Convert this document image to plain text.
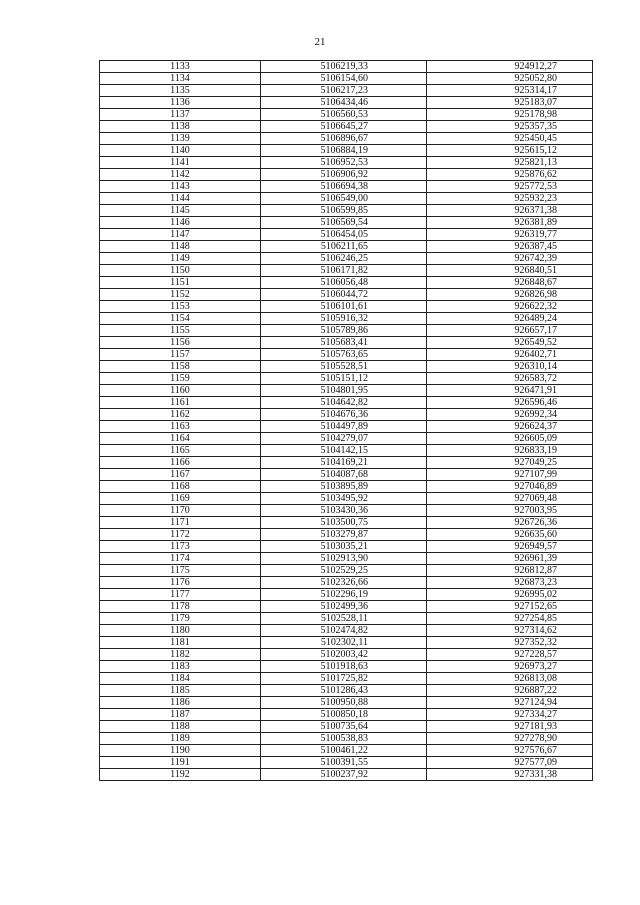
21
1133	5106219,33	924912,27
1134	5106154,60	925052,80
1135	5106217,23	925314,17
1136	5106434,46	925183,07
1137	5106560,53	925178,98
1138	5106645,27	925357,35
1139	5106896,67	925450,45
1140	5106884,19	925615,12
1141	5106952,53	925821,13
1142	5106906,92	925876,62
1143	5106694,38	925772,53
1144	5106549,00	925932,23
1145	5106599,85	926371,38
1146	5106569,54	926381,89
1147	5106454,05	926319,77
1148	5106211,65	926387,45
1149	5106246,25	926742,39
1150	5106171,82	926840,51
1151	5106056,48	926848,67
1152	5106044,72	926826,98
1153	5106101,61	926622,32
1154	5105916,32	926489,24
1155	5105789,86	926657,17
1156	5105683,41	926549,52
1157	5105763,65	926402,71
1158	5105528,51	926310,14
1159	5105151,12	926583,72
1160	5104801,95	926471,91
1161	5104642,82	926596,46
1162	5104676,36	926992,34
1163	5104497,89	926624,37
1164	5104279,07	926605,09
1165	5104142,15	926833,19
1166	5104169,21	927049,25
1167	5104087,68	927107,99
1168	5103895,89	927046,89
1169	5103495,92	927069,48
1170	5103430,36	927003,95
1171	5103500,75	926726,36
1172	5103279,87	926635,60
1173	5103035,21	926949,57
1174	5102913,90	926961,39
1175	5102529,25	926812,87
1176	5102326,66	926873,23
1177	5102296,19	926995,02
1178	5102499,36	927152,65
1179	5102528,11	927254,85
1180	5102474,82	927314,62
1181	5102302,11	927352,32
1182	5102003,42	927228,57
1183	5101918,63	926973,27
1184	5101725,82	926813,08
1185	5101286,43	926887,22
1186	5100950,88	927124,94
1187	5100850,18	927334,27
1188	5100735,64	927181,93
1189	5100538,83	927278,90
1190	5100461,22	927576,67
1191	5100391,55	927577,09
1192	5100237,92	927331,38
